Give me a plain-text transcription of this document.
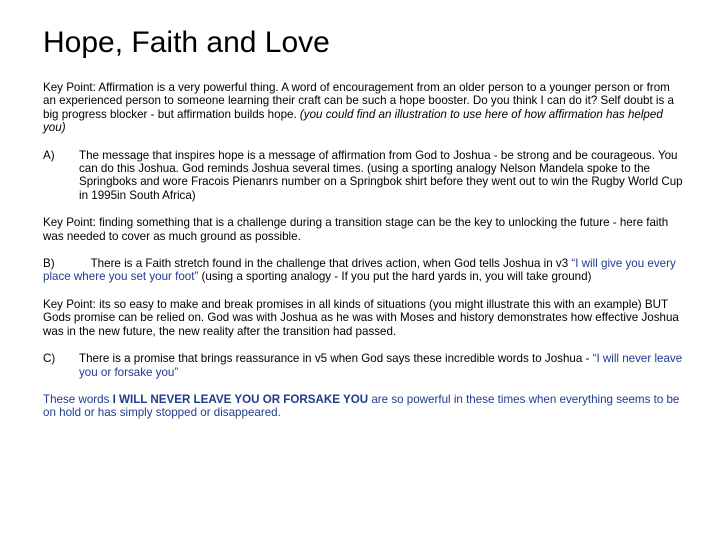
Hope, Faith and Love

Key Point: Affirmation is a very powerful thing. A word of encouragement from an older person to a younger person or from an experienced person to someone learning their craft can be such a hope booster. Do you think I can do it? Self doubt is a big progress blocker - but affirmation builds hope. (you could find an illustration to use here of how affirmation has helped you)

A)	The message that inspires hope is a message of affirmation from God to Joshua - be strong and be courageous. You can do this Joshua. God reminds Joshua several times. (using a sporting analogy Nelson Mandela spoke to the Springboks and wore Fracois Pienanrs number on a Springbok shirt before they went out to win the Rugby World Cup in 1995in South Africa)

Key Point: finding something that is a challenge during a transition stage can be the key to unlocking the future - here faith was needed to cover as much ground as possible.

B)	There is a Faith stretch found in the challenge that drives action, when God tells Joshua in v3 “I will give you every place where you set your foot” (using a sporting analogy - If you put the hard yards in, you will take ground)

Key Point: its so easy to make and break promises in all kinds of situations (you might illustrate this with an example) BUT Gods promise can be relied on. God was with Joshua as he was with Moses and history demonstrates how effective Joshua was in the new future, the new reality after the transition had passed.

C)	There is a promise that brings reassurance in v5 when God says these incredible words to Joshua - “I will never leave you or forsake you”

These words I WILL NEVER LEAVE YOU OR FORSAKE YOU are so powerful in these times when everything seems to be on hold or has simply stopped or disappeared.
